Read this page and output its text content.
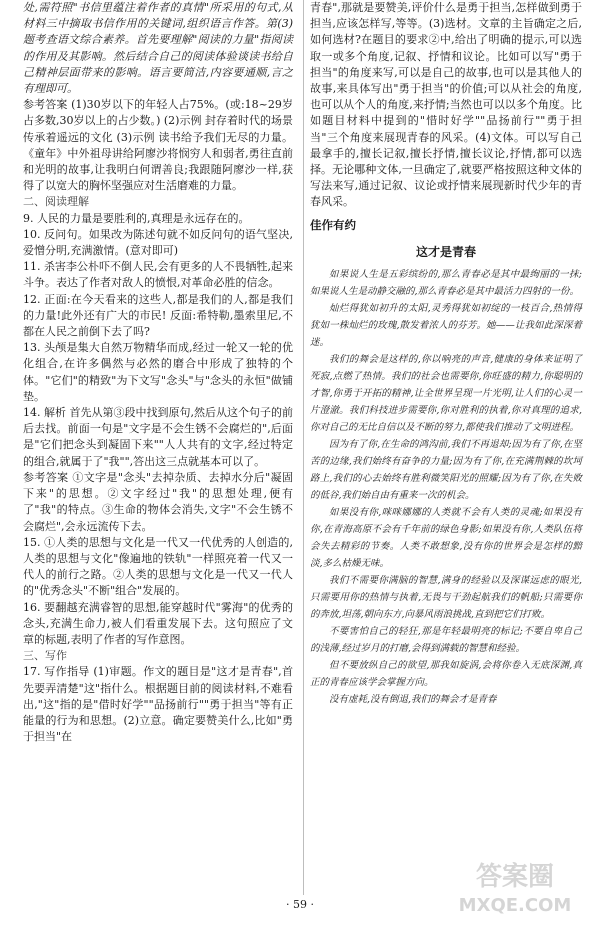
处,需符照"书信里蕴注着作者的真情"所采用的句式,从材料三中摘取书信作用的关键词,组织语言作答。第(3)题考查语文综合素养。首先要理解"阅读的力量"指阅读的作用及其影响。然后结合自己的阅读体验谈读书给自己精神层面带来的影响。语言要简洁,内容要通顺,言之有理即可。

参考答案 (1)30岁以下的年轻人占75%。(或:18~29岁占多数,30岁以上的占少数。) (2)示例 封存着时代的场景 传承着遥远的文化 (3)示例 读书给予我们无尽的力量。《童年》中外祖母讲给阿廖沙将悯穷人和弱者,勇往直前和光明的故事,让我明白何谓善良;我跟随阿廖沙一样,获得了以宽大的胸怀坚强应对生活磨难的力量。

二、阅读理解

9. 人民的力量是要胜利的,真理是永远存在的。

10. 反问句。如果改为陈述句就不如反问句的语气坚决,爱憎分明,充满激情。(意对即可)

11. 杀害李公朴吓不倒人民,会有更多的人不畏牺牲,起来斗争。表达了作者对敌人的愤恨,对革命必胜的信念。

12. 正面:在今天看来的这些人,都是我们的人,都是我们的力量!此外还有广大的市民! 反面:希特勒,墨索里尼,不都在人民之前倒下去了吗?

13. 头颅是集大自然万物精华而成,经过一轮又一轮的优化组合,在许多偶然与必然的磨合中形成了独特的个体。"它们"的精致"为下文写"念头"与"念头的永恒"做铺垫。

14. 解析 首先从第③段中找到原句,然后从这个句子的前后去找。前面一句是"文字是不会生锈不会腐烂的",后面是"它们把念头到凝固下来""人人共有的文字,经过特定的组合,就属于了"我"",答出这三点就基本可以了。

参考答案 ①文字是"念头"去掉杂质、去掉水分后"凝固下来"的思想。②文字经过"我"的思想处理,便有了"我"的特点。③生命的物体会消失,文字"不会生锈不会腐烂",会永远流传下去。

15. ①人类的思想与文化是一代又一代优秀的人创造的,人类的思想与文化"像遍地的铁轨"一样照亮着一代又一代人的前行之路。②人类的思想与文化是一代又一代人的"优秀念头"不断"组合"发展的。

16. 要翻越充满睿智的思想,能穿越时代"雾海"的优秀的念头,充满生命力,被人们看重发展下去。这句照应了文章的标题,表明了作者的写作意图。

三、写作

17. 写作指导 (1)审题。作文的题目是"这才是青春",首先要弄清楚"这"指什么。根据题目前的阅读材料,不难看出,"这"指的是"借时好学""品扬前行""勇于担当"等有正能量的行为和思想。(2)立意。确定要赞美什么,比如"勇于担当"在

青春",那就是要赞美,评价什么是勇于担当,怎样做到勇于担当,应该怎样写,等等。(3)选材。文章的主旨确定之后,如何选材?在题目的要求②中,给出了明确的提示,可以选取一或多个角度,记叙、抒情和议论。比如可以写"勇于担当"的角度来写,可以是自己的故事,也可以是其他人的故事,来具体写出"勇于担当"的价值;可以从社会的角度,也可以从个人的角度,来抒情;当然也可以以多个角度。比如题目材料中提到的"惜时好学""品扬前行""勇于担当"三个角度来展现青春的风采。(4)文体。可以写自己最拿手的,擅长记叙,擅长抒情,擅长议论,抒情,都可以选择。无论哪种文体,一旦确定了,就要严格按照这种文体的写法来写,通过记叙、议论或抒情来展现新时代少年的青春风采。

佳作有约
这才是青春

如果说人生是五彩缤纷的,那么青春必是其中最绚丽的一抹;如果说人生是动静交融的,那么青春必是其中最活力四射的一份。

灿烂得犹如初升的太阳,灵秀得犹如初绽的一枝百合,热情得犹如一株灿烂的玫瑰,散发着浓人的芬芳。她——让我如此深深着迷。

我们的舞会是这样的,你以响亮的声音,健康的身体来证明了死寂,点燃了热情。我们的社会也需要你,你旺盛的精力,你聪明的才智,你勇于开拓的精神,让全世界呈现一片光明,让人们的心灵一片澄澈。我们科技进步需要你,你对胜利的执着,你对真理的追求,你对自己的无比自信以及不断的努力,都使我们推动了文明进程。

因为有了你,在生命的鸿沟前,我们不再退却;因为有了你,在坚苦的边缘,我们始终有奋争的力量;因为有了你,在充满荆棘的坎坷路上,我们的心去始终有胜利微笑阳光的照耀;因为有了你,在失败的低谷,我们始自由有重来一次的机会。

如果没有你,咪咪娜娜的人类就不会有人类的灵魂;如果没有你,在青海高原不会有千年前的绿色身影;如果没有你,人类队伍将会失去精彩的节奏。人类不敢想象,没有你的世界会是怎样的黯淡,多么枯燥无味。

我们不需要你满脑的智慧,满身的经验以及深谋远虑的眼光,只需要用你的热情与执着,无畏与干劲起航我们的帆船;只需要你的奔放,坦荡,朝向东方,向暴风雨浪挑战,直到把它们打败。

不要害怕自己的轻狂,那是年轻最明亮的标记;不要自卑自己的浅薄,经过岁月的打磨,会得到满载的智慧和经验。

但不要放纵自己的欲望,那我如旋涡,会将你卷入无底深渊,真正的青春应该学会掌握方向。

没有虚耗,没有倒退,我们的舞会才是青春

· 59 ·
答案圈
MXQE.COM
